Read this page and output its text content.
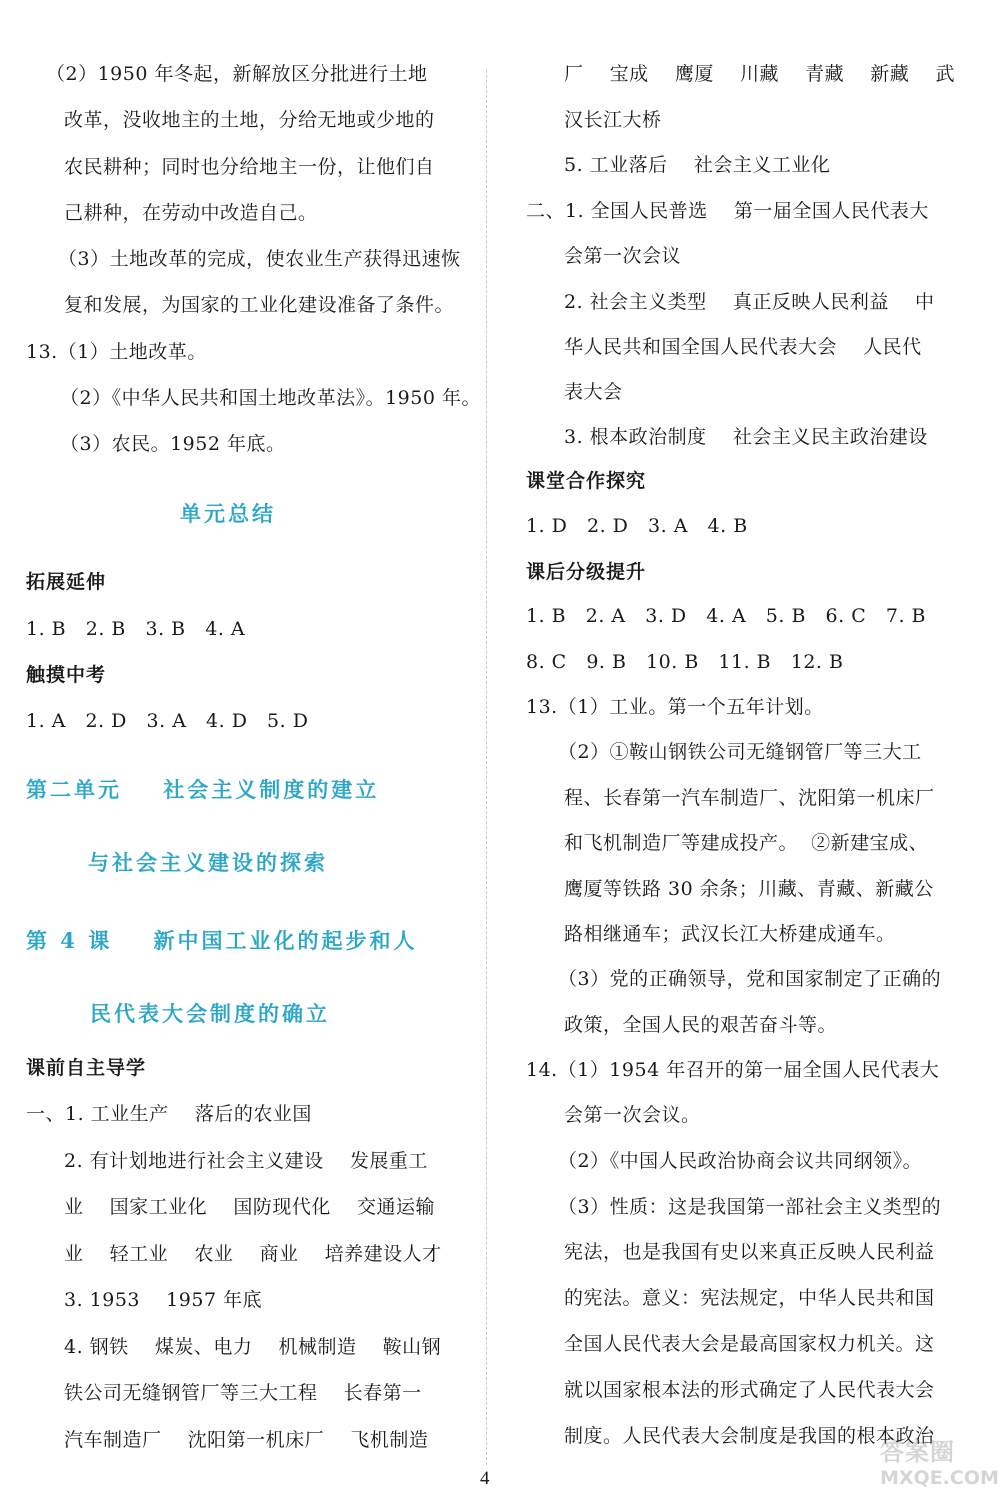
（2）1950 年冬起，新解放区分批进行土地
改革，没收地主的土地，分给无地或少地的
农民耕种；同时也分给地主一份，让他们自
己耕种，在劳动中改造自己。
（3）土地改革的完成，使农业生产获得迅速恢
复和发展，为国家的工业化建设准备了条件。
13.（1）土地改革。
（2）《中华人民共和国土地改革法》。1950 年。
（3）农民。1952 年底。
单元总结
拓展延伸
1. B   2. B   3. B   4. A
触摸中考
1. A   2. D   3. A   4. D   5. D
第二单元    社会主义制度的建立
与社会主义建设的探索
第 4 课    新中国工业化的起步和人
民代表大会制度的确立
课前自主导学
一、1. 工业生产    落后的农业国
2. 有计划地进行社会主义建设    发展重工
业    国家工业化    国防现代化    交通运输
业    轻工业    农业    商业    培养建设人才
3. 1953    1957 年底
4. 钢铁    煤炭、电力    机械制造    鞍山钢
铁公司无缝钢管厂等三大工程    长春第一
汽车制造厂    沈阳第一机床厂    飞机制造
厂    宝成    鹰厦    川藏    青藏    新藏    武
汉长江大桥
5. 工业落后    社会主义工业化
二、1. 全国人民普选    第一届全国人民代表大
会第一次会议
2. 社会主义类型    真正反映人民利益    中
华人民共和国全国人民代表大会    人民代
表大会
3. 根本政治制度    社会主义民主政治建设
课堂合作探究
1. D   2. D   3. A   4. B
课后分级提升
1. B   2. A   3. D   4. A   5. B   6. C   7. B
8. C   9. B   10. B   11. B   12. B
13.（1）工业。第一个五年计划。
（2）①鞍山钢铁公司无缝钢管厂等三大工
程、长春第一汽车制造厂、沈阳第一机床厂
和飞机制造厂等建成投产。  ②新建宝成、
鹰厦等铁路 30 余条；川藏、青藏、新藏公
路相继通车；武汉长江大桥建成通车。
（3）党的正确领导，党和国家制定了正确的
政策，全国人民的艰苦奋斗等。
14.（1）1954 年召开的第一届全国人民代表大
会第一次会议。
（2）《中国人民政治协商会议共同纲领》。
（3）性质：这是我国第一部社会主义类型的
宪法，也是我国有史以来真正反映人民利益
的宪法。意义：宪法规定，中华人民共和国
全国人民代表大会是最高国家权力机关。这
就以国家根本法的形式确定了人民代表大会
制度。人民代表大会制度是我国的根本政治
4
答案圈
MXQE.COM
